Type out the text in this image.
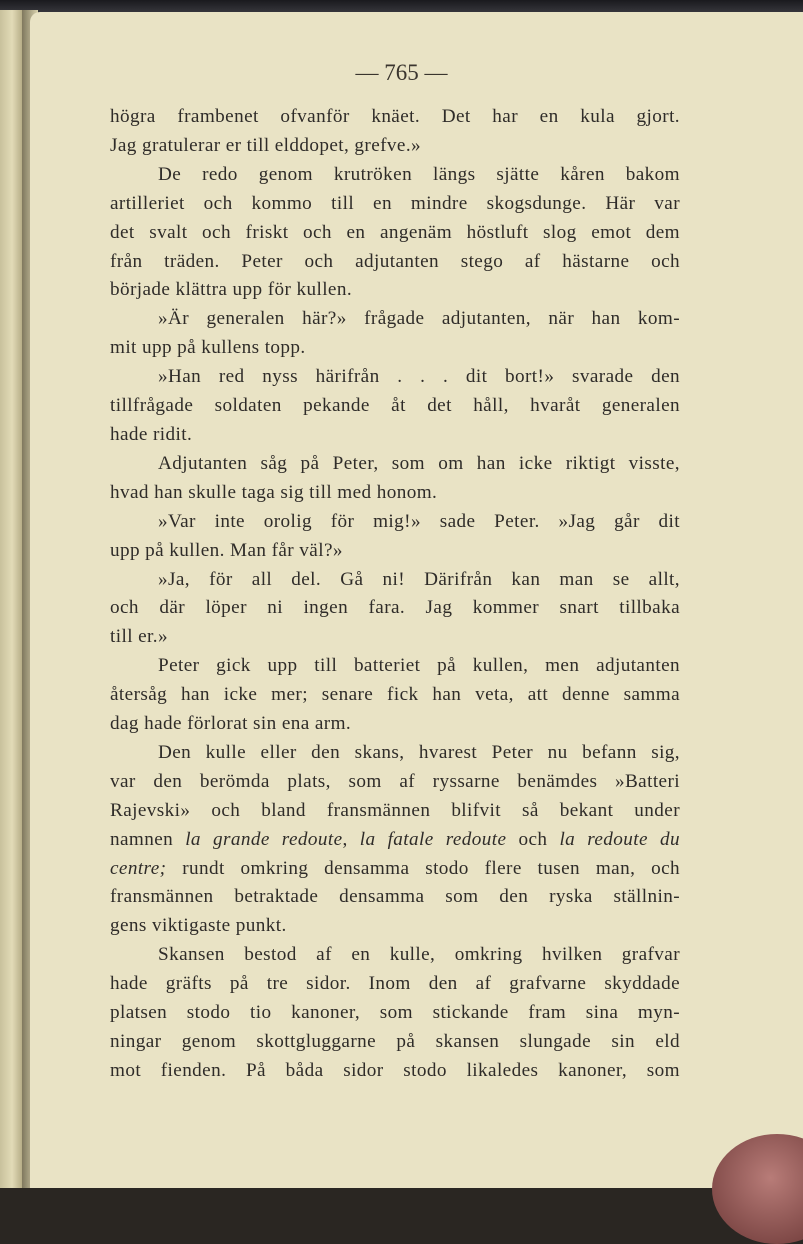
— 765 —
högra frambenet ofvanför knäet. Det har en kula gjort.
Jag gratulerar er till elddopet, grefve.»
De redo genom krutröken längs sjätte kåren bakom
artilleriet och kommo till en mindre skogsdunge. Här var
det svalt och friskt och en angenäm höstluft slog emot dem
från träden. Peter och adjutanten stego af hästarne och
började klättra upp för kullen.
»Är generalen här?» frågade adjutanten, när han kom-
mit upp på kullens topp.
»Han red nyss härifrån . . . dit bort!» svarade den
tillfrågade soldaten pekande åt det håll, hvaråt generalen
hade ridit.
Adjutanten såg på Peter, som om han icke riktigt visste,
hvad han skulle taga sig till med honom.
»Var inte orolig för mig!» sade Peter. »Jag går dit
upp på kullen. Man får väl?»
»Ja, för all del. Gå ni! Därifrån kan man se allt,
och där löper ni ingen fara. Jag kommer snart tillbaka
till er.»
Peter gick upp till batteriet på kullen, men adjutanten
återsåg han icke mer; senare fick han veta, att denne samma
dag hade förlorat sin ena arm.
Den kulle eller den skans, hvarest Peter nu befann sig,
var den berömda plats, som af ryssarne benämdes »Batteri
Rajevski» och bland fransmännen blifvit så bekant under
namnen la grande redoute, la fatale redoute och la redoute du
centre; rundt omkring densamma stodo flere tusen man, och
fransmännen betraktade densamma som den ryska ställnin-
gens viktigaste punkt.
Skansen bestod af en kulle, omkring hvilken grafvar
hade gräfts på tre sidor. Inom den af grafvarne skyddade
platsen stodo tio kanoner, som stickande fram sina myn-
ningar genom skottgluggarne på skansen slungade sin eld
mot fienden. På båda sidor stodo likaledes kanoner, som
